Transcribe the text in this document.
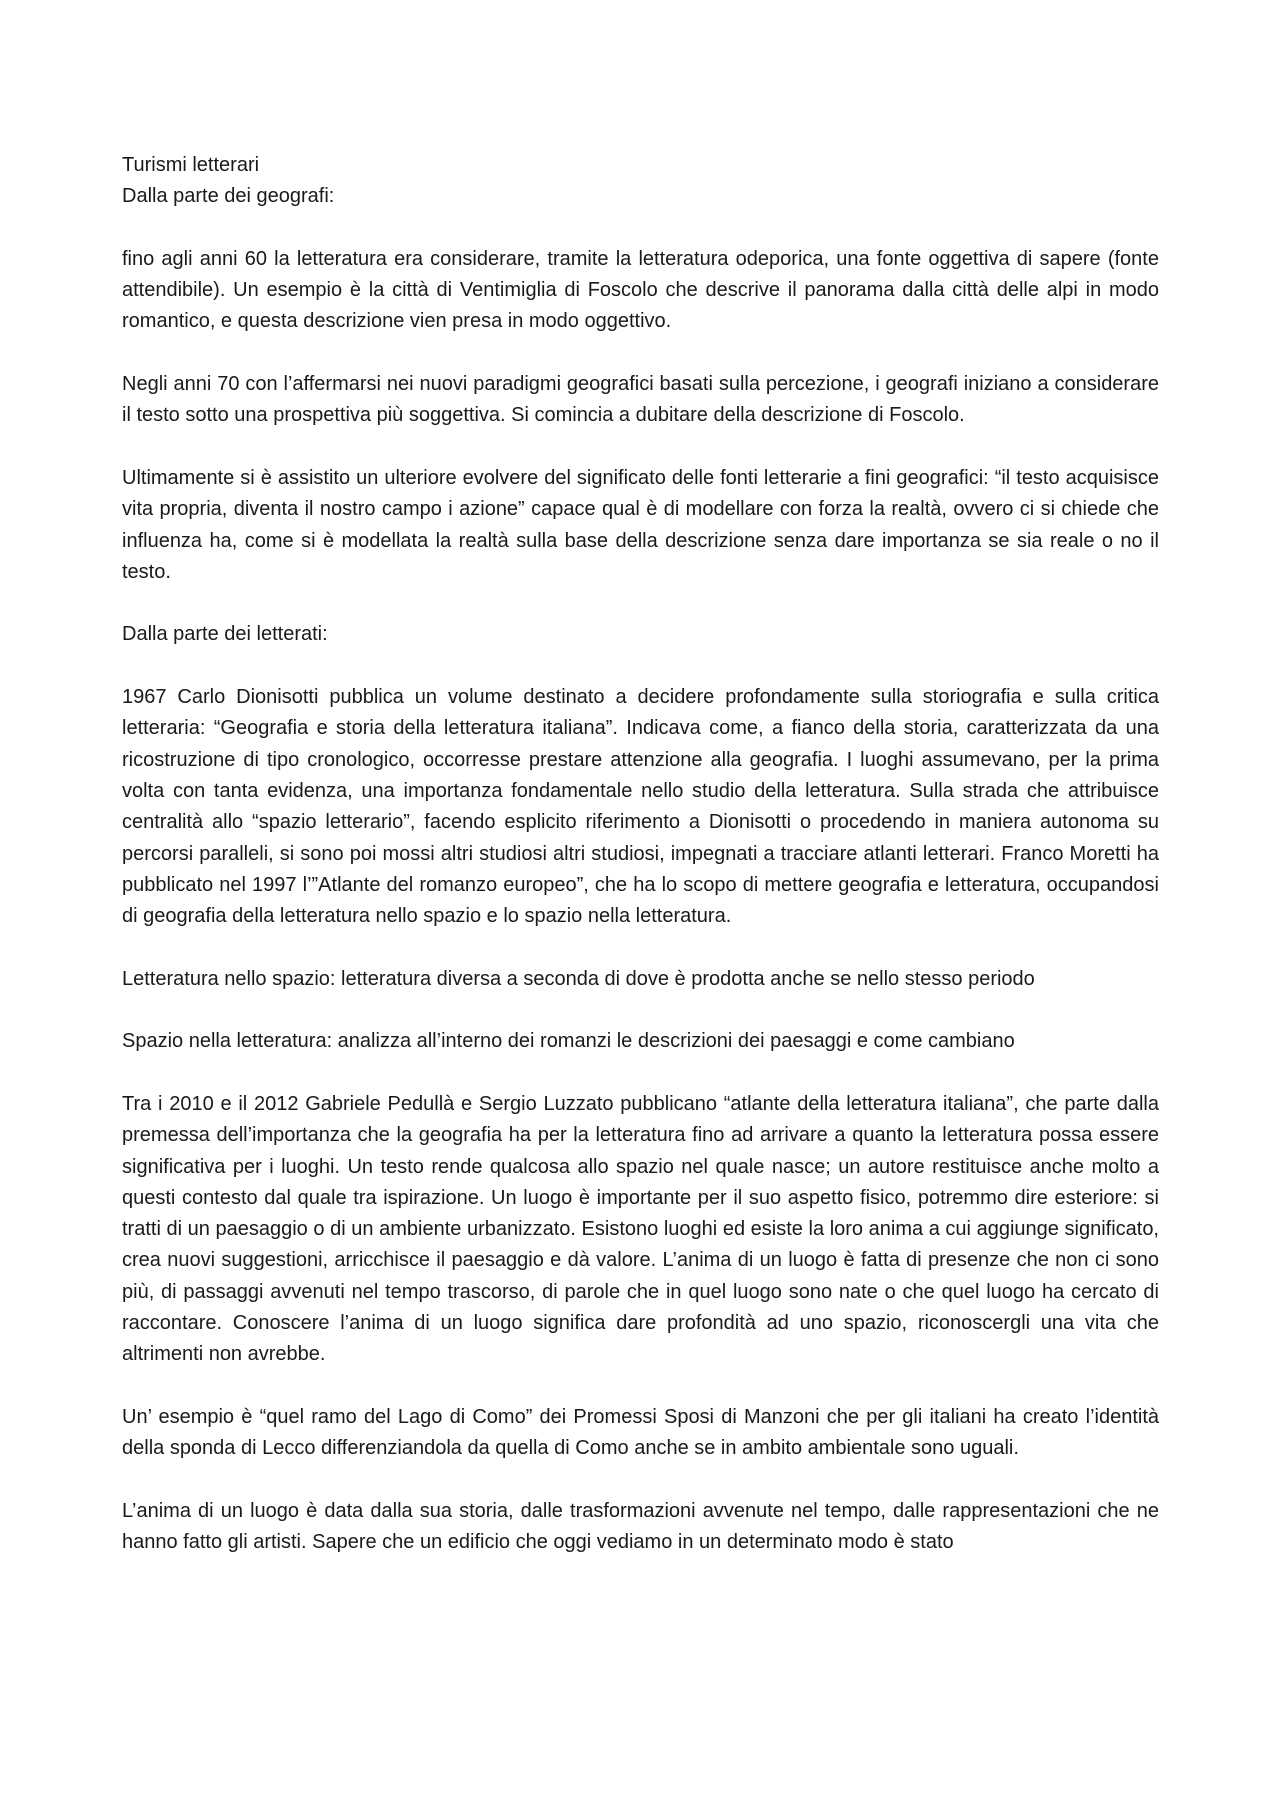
Turismi letterari

Dalla parte dei geografi:

fino agli anni 60 la letteratura era considerare, tramite la letteratura odeporica, una fonte oggettiva di sapere (fonte attendibile). Un esempio è la città di Ventimiglia di Foscolo che descrive il panorama dalla città delle alpi in modo romantico, e questa descrizione vien presa in modo oggettivo.

Negli anni 70 con l’affermarsi nei nuovi paradigmi geografici basati sulla percezione, i geografi iniziano a considerare il testo sotto una prospettiva più soggettiva. Si comincia a dubitare della descrizione di Foscolo.

Ultimamente si è assistito un ulteriore evolvere del significato delle fonti letterarie a fini geografici: “il testo acquisisce vita propria, diventa il nostro campo i azione” capace qual è di modellare con forza la realtà, ovvero ci si chiede che influenza ha, come si è modellata la realtà sulla base della descrizione senza dare importanza se sia reale o no il testo.

Dalla parte dei letterati:

1967 Carlo Dionisotti pubblica un volume destinato a decidere profondamente sulla storiografia e sulla critica letteraria: “Geografia e storia della letteratura italiana”. Indicava come, a fianco della storia, caratterizzata da una ricostruzione di tipo cronologico, occorresse prestare attenzione alla geografia. I luoghi assumevano, per la prima volta con tanta evidenza, una importanza fondamentale nello studio della letteratura. Sulla strada che attribuisce centralità allo “spazio letterario”, facendo esplicito riferimento a Dionisotti o procedendo in maniera autonoma su percorsi paralleli, si sono poi mossi altri studiosi altri studiosi, impegnati a tracciare atlanti letterari. Franco Moretti ha pubblicato nel 1997 l’”Atlante del romanzo europeo”, che ha lo scopo di mettere geografia e letteratura, occupandosi di geografia della letteratura nello spazio e lo spazio nella letteratura.

Letteratura nello spazio: letteratura diversa a seconda di dove è prodotta anche se nello stesso periodo

Spazio nella letteratura: analizza all’interno dei romanzi le descrizioni dei paesaggi e come cambiano

Tra i 2010 e il 2012 Gabriele Pedullà e Sergio Luzzato pubblicano “atlante della letteratura italiana”, che parte dalla premessa dell’importanza che la geografia ha per la letteratura fino ad arrivare a quanto la letteratura possa essere significativa per i luoghi. Un testo rende qualcosa allo spazio nel quale nasce; un autore restituisce anche molto a questi contesto dal quale tra ispirazione. Un luogo è importante per il suo aspetto fisico, potremmo dire esteriore: si tratti di un paesaggio o di un ambiente urbanizzato. Esistono luoghi ed esiste la loro anima a cui aggiunge significato, crea nuovi suggestioni, arricchisce il paesaggio e dà valore. L’anima di un luogo è fatta di presenze che non ci sono più, di passaggi avvenuti nel tempo trascorso, di parole che in quel luogo sono nate o che quel luogo ha cercato di raccontare. Conoscere l’anima di un luogo significa dare profondità ad uno spazio, riconoscergli una vita che altrimenti non avrebbe.

Un’ esempio è “quel ramo del Lago di Como” dei Promessi Sposi di Manzoni che per gli italiani ha creato l’identità della sponda di Lecco differenziandola da quella di Como anche se in ambito ambientale sono uguali.

L’anima di un luogo è data dalla sua storia, dalle trasformazioni avvenute nel tempo, dalle rappresentazioni che ne hanno fatto gli artisti. Sapere che un edificio che oggi vediamo in un determinato modo è stato
